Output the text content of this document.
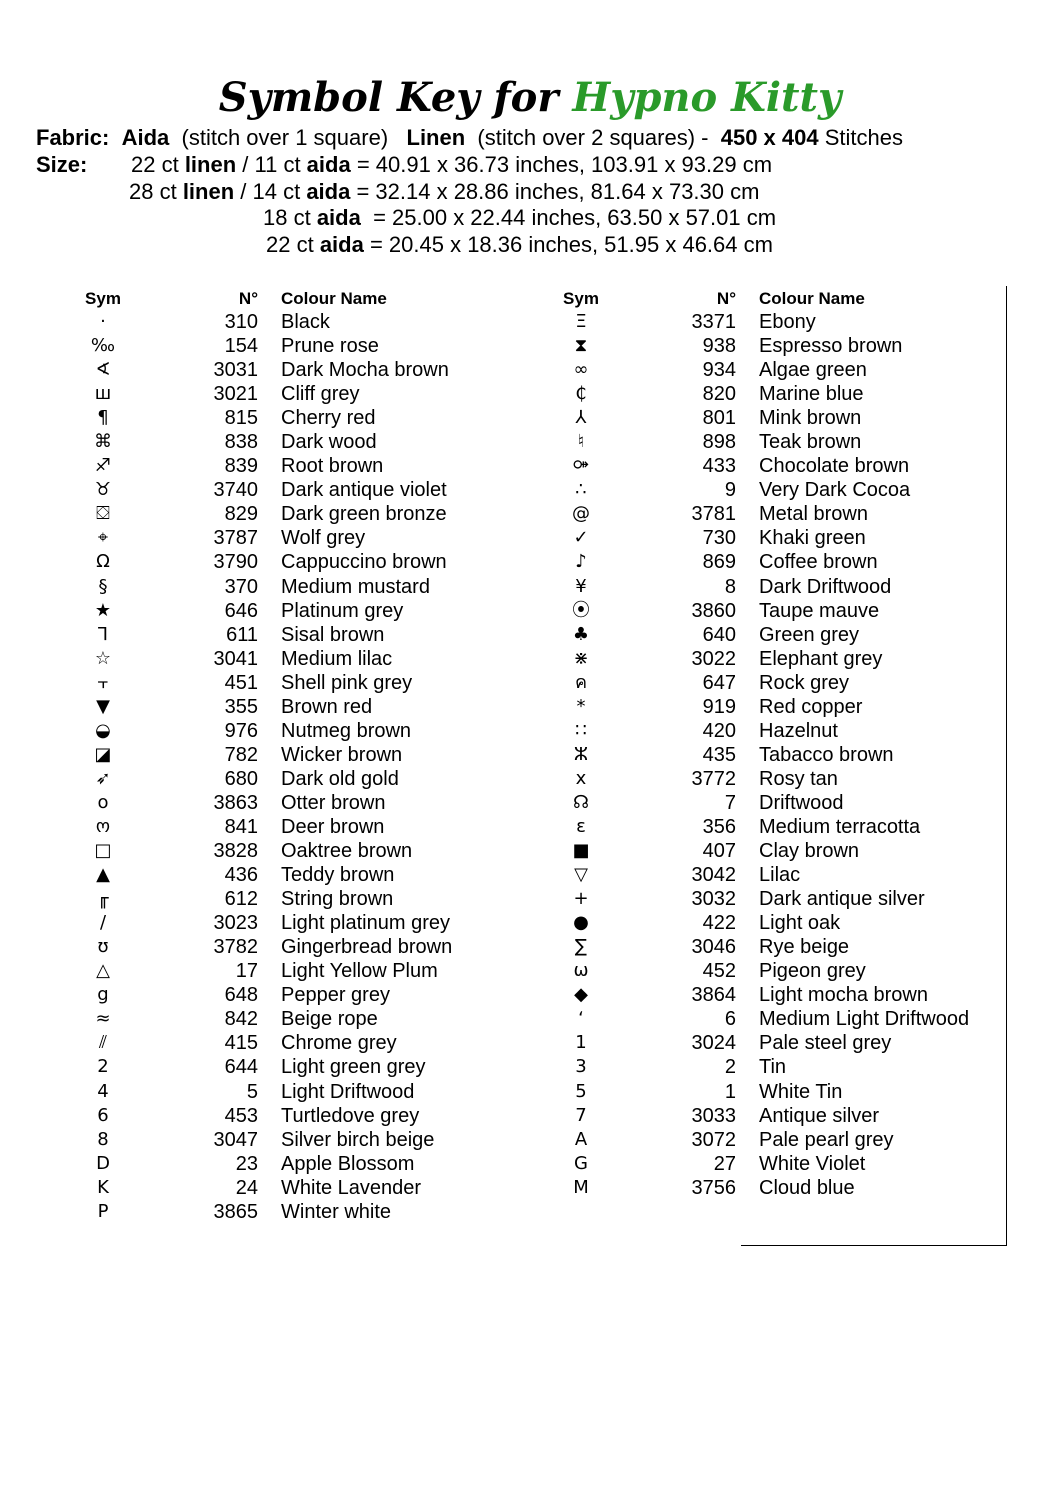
Symbol Key for Hypno Kitty
Fabric: Aida (stitch over 1 square) Linen (stitch over 2 squares) - 450 x 404 Stitches
Size: 22 ct linen / 11 ct aida = 40.91 x 36.73 inches, 103.91 x 93.29 cm
28 ct linen / 14 ct aida = 32.14 x 28.86 inches, 81.64 x 73.30 cm
18 ct aida  = 25.00 x 22.44 inches, 63.50 x 57.01 cm
22 ct aida = 20.45 x 18.36 inches, 51.95 x 46.64 cm
Sym	N° Colour Name
·	310 Black
‰	154 Prune rose
∢	3031 Dark Mocha brown
ш	3021 Cliff grey
¶	815 Cherry red
⌘	838 Dark wood
♐	839 Root brown
♉	3740 Dark antique violet
⛋	829 Dark green bronze
⌖	3787 Wolf grey
Ω	3790 Cappuccino brown
§	370 Medium mustard
★	646 Platinum grey
⅂	611 Sisal brown
☆	3041 Medium lilac
⫟	451 Shell pink grey
▼	355 Brown red
◒	976 Nutmeg brown
◪	782 Wicker brown
➶	680 Dark old gold
o	3863 Otter brown
ო	841 Deer brown
□	3828 Oaktree brown
▲	436 Teddy brown
╓	612 String brown
/	3023 Light platinum grey
ʊ	3782 Gingerbread brown
△	17 Light Yellow Plum
g	648 Pepper grey
≈	842 Beige rope
⫽	415 Chrome grey
2	644 Light green grey
4	5 Light Driftwood
6	453 Turtledove grey
8	3047 Silver birch beige
D	23 Apple Blossom
K	24 White Lavender
P	3865 Winter white
Sym	N° Colour Name
Ξ	3371 Ebony
⧗	938 Espresso brown
∞	934 Algae green
₵	820 Marine blue
⅄	801 Mink brown
♮	898 Teak brown
⚩	433 Chocolate brown
∴	9 Very Dark Cocoa
@	3781 Metal brown
✓	730 Khaki green
♪	869 Coffee brown
¥	8 Dark Driftwood
⦿	3860 Taupe mauve
♣	640 Green grey
⋇	3022 Elephant grey
ค	647 Rock grey
*	919 Red copper
∷	420 Hazelnut
ⵣ	435 Tabacco brown
x	3772 Rosy tan
☊	7 Driftwood
ε	356 Medium terracotta
■	407 Clay brown
▽	3042 Lilac
+	3032 Dark antique silver
●	422 Light oak
∑	3046 Rye beige
ω	452 Pigeon grey
◆	3864 Light mocha brown
ʻ	6 Medium Light Driftwood
1	3024 Pale steel grey
3	2 Tin
5	1 White Tin
7	3033 Antique silver
A	3072 Pale pearl grey
G	27 White Violet
M	3756 Cloud blue
